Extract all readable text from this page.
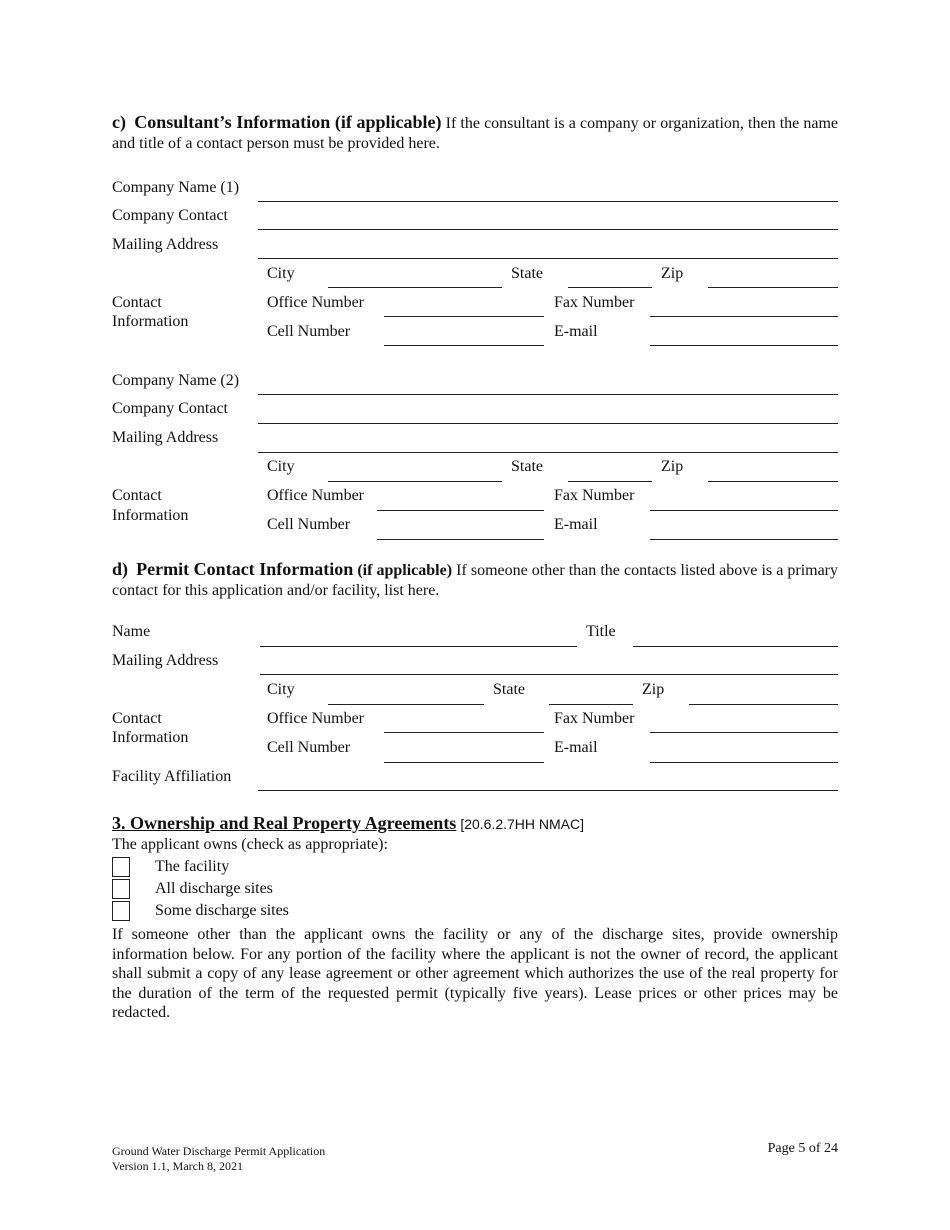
c) Consultant’s Information (if applicable) If the consultant is a company or organization, then the name and title of a contact person must be provided here.
Company Name (1)
Company Contact
Mailing Address
City	State	Zip
Contact
Information
Office Number	Fax Number
Cell Number	E-mail
Company Name (2)
Company Contact
Mailing Address
City	State	Zip
Contact
Information
Office Number	Fax Number
Cell Number	E-mail
d) Permit Contact Information (if applicable) If someone other than the contacts listed above is a primary contact for this application and/or facility, list here.
Name	Title
Mailing Address
City	State	Zip
Contact
Information
Office Number	Fax Number
Cell Number	E-mail
Facility Affiliation
3. Ownership and Real Property Agreements [20.6.2.7HH NMAC]
The applicant owns (check as appropriate):
The facility
All discharge sites
Some discharge sites
If someone other than the applicant owns the facility or any of the discharge sites, provide ownership information below. For any portion of the facility where the applicant is not the owner of record, the applicant shall submit a copy of any lease agreement or other agreement which authorizes the use of the real property for the duration of the term of the requested permit (typically five years). Lease prices or other prices may be redacted.
Ground Water Discharge Permit Application
Version 1.1, March 8, 2021
Page 5 of 24
